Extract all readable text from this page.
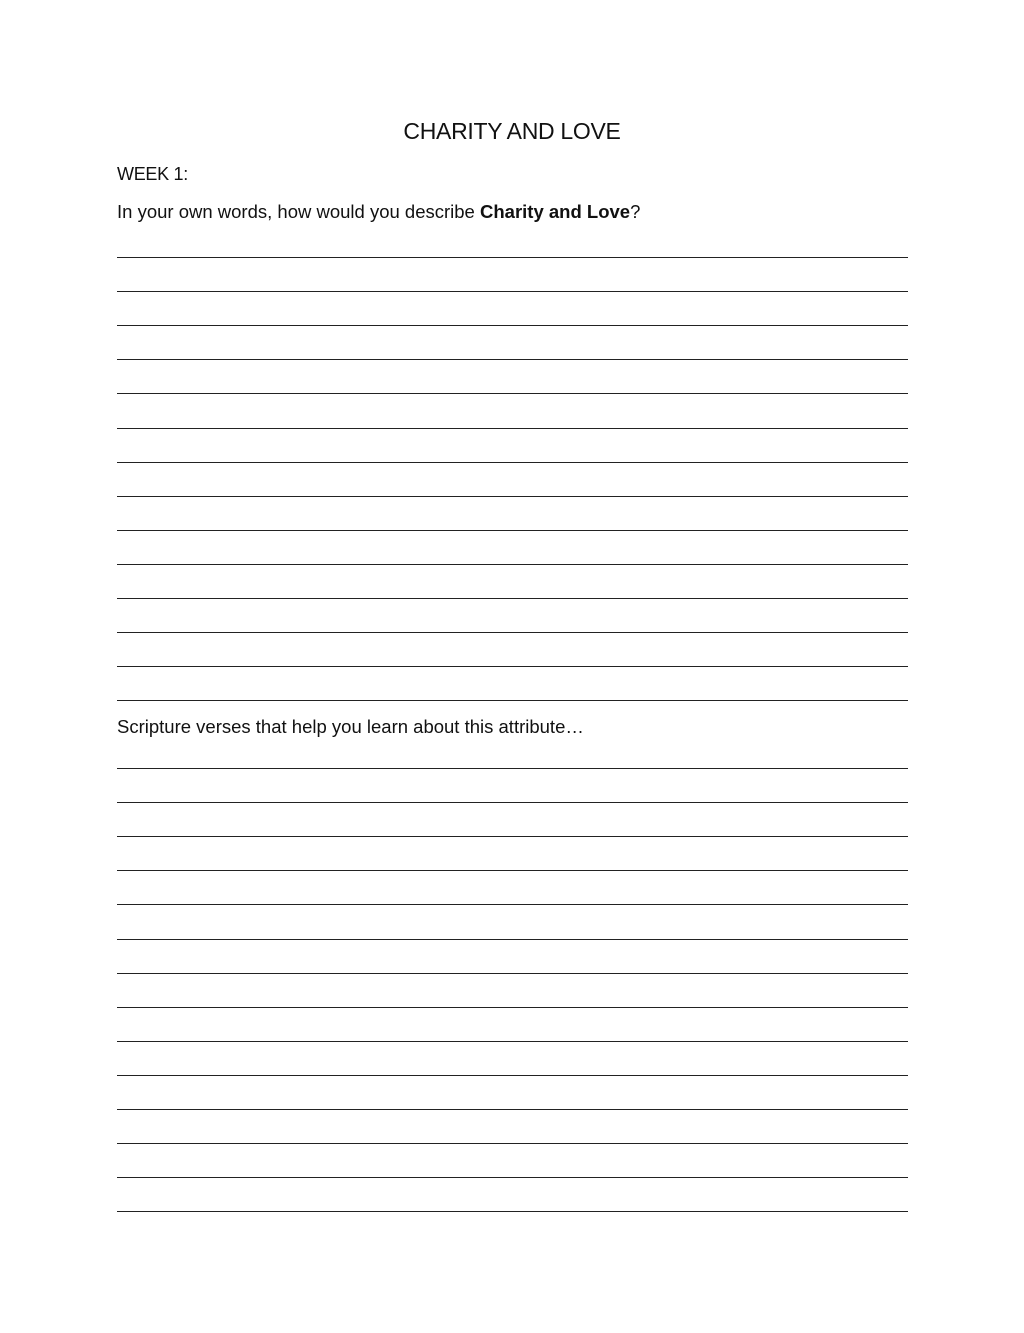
CHARITY AND LOVE

WEEK 1:

In your own words, how would you describe Charity and Love?

Scripture verses that help you learn about this attribute…
